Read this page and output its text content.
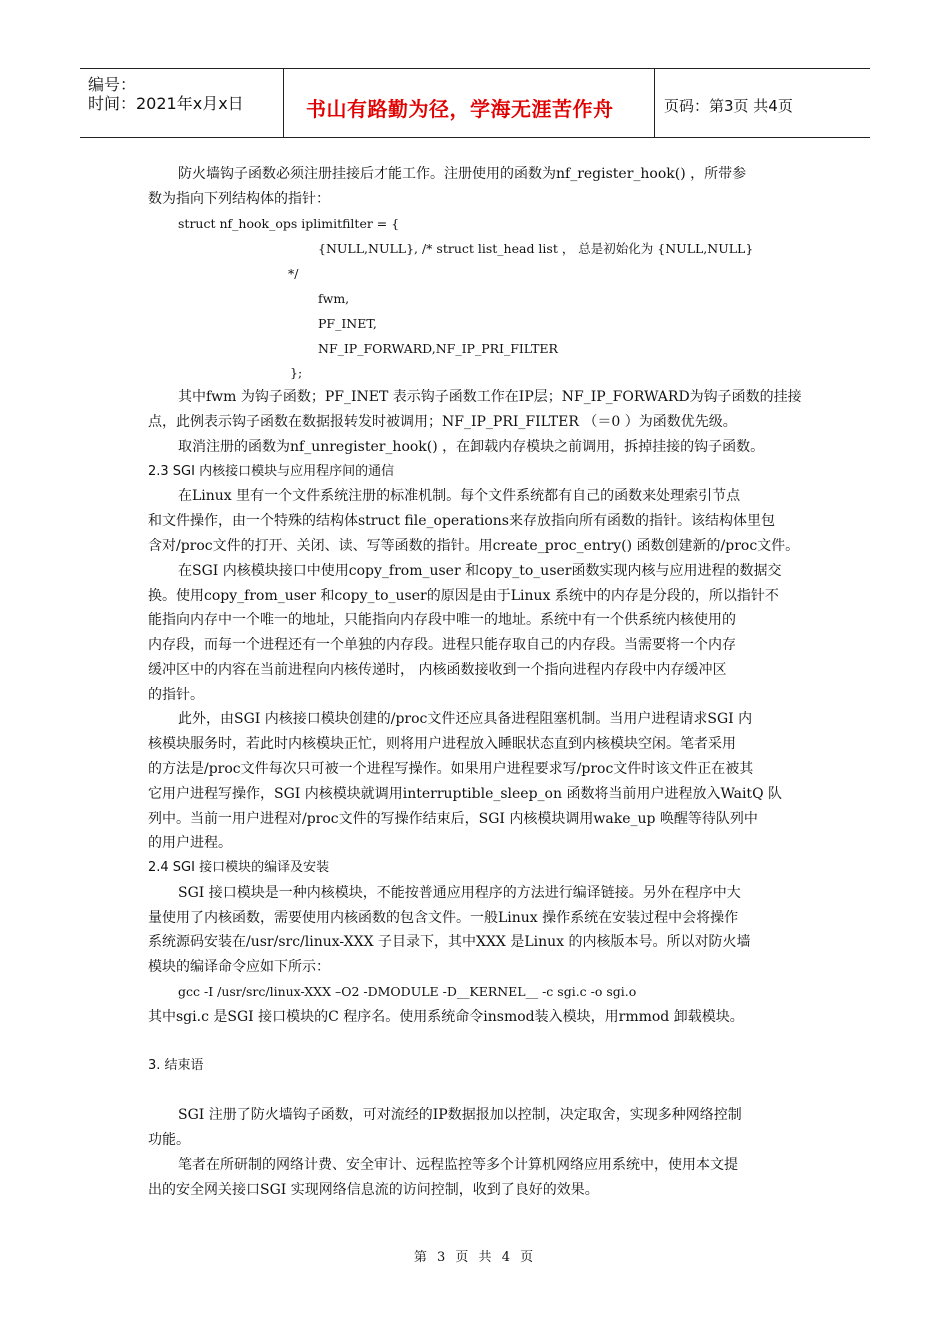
编号：
时间：2021年x月x日	书山有路勤为径，学海无涯苦作舟	页码：第3页 共4页
防火墙钩子函数必须注册挂接后才能工作。注册使用的函数为nf_register_hook() ，所带参
数为指向下列结构体的指针：
struct nf_hook_ops iplimitfilter = {
{NULL,NULL}, /* struct list_head list ， 总是初始化为 {NULL,NULL}
*/
fwm,
PF_INET,
NF_IP_FORWARD,NF_IP_PRI_FILTER
};
其中fwm 为钩子函数；PF_INET 表示钩子函数工作在IP层；NF_IP_FORWARD为钩子函数的挂接
点，此例表示钩子函数在数据报转发时被调用；NF_IP_PRI_FILTER （＝0 ）为函数优先级。
取消注册的函数为nf_unregister_hook() ，在卸载内存模块之前调用，拆掉挂接的钩子函数。
2.3 SGI 内核接口模块与应用程序间的通信
在Linux 里有一个文件系统注册的标准机制。每个文件系统都有自己的函数来处理索引节点
和文件操作，由一个特殊的结构体struct file_operations来存放指向所有函数的指针。该结构体里包
含对/proc文件的打开、关闭、读、写等函数的指针。用create_proc_entry() 函数创建新的/proc文件。
在SGI 内核模块接口中使用copy_from_user 和copy_to_user函数实现内核与应用进程的数据交
换。使用copy_from_user 和copy_to_user的原因是由于Linux 系统中的内存是分段的，所以指针不
能指向内存中一个唯一的地址，只能指向内存段中唯一的地址。系统中有一个供系统内核使用的
内存段，而每一个进程还有一个单独的内存段。进程只能存取自己的内存段。当需要将一个内存
缓冲区中的内容在当前进程向内核传递时， 内核函数接收到一个指向进程内存段中内存缓冲区
的指针。
此外，由SGI 内核接口模块创建的/proc文件还应具备进程阻塞机制。当用户进程请求SGI 内
核模块服务时，若此时内核模块正忙，则将用户进程放入睡眠状态直到内核模块空闲。笔者采用
的方法是/proc文件每次只可被一个进程写操作。如果用户进程要求写/proc文件时该文件正在被其
它用户进程写操作，SGI 内核模块就调用interruptible_sleep_on 函数将当前用户进程放入WaitQ 队
列中。当前一用户进程对/proc文件的写操作结束后，SGI 内核模块调用wake_up 唤醒等待队列中
的用户进程。
2.4 SGI 接口模块的编译及安装
SGI 接口模块是一种内核模块，不能按普通应用程序的方法进行编译链接。另外在程序中大
量使用了内核函数，需要使用内核函数的包含文件。一般Linux 操作系统在安装过程中会将操作
系统源码安装在/usr/src/linux-XXX 子目录下，其中XXX 是Linux 的内核版本号。所以对防火墙
模块的编译命令应如下所示：
gcc -I /usr/src/linux-XXX –O2 -DMODULE -D__KERNEL__ -c sgi.c -o sgi.o
其中sgi.c 是SGI 接口模块的C 程序名。使用系统命令insmod装入模块，用rmmod 卸载模块。
3. 结束语
SGI 注册了防火墙钩子函数，可对流经的IP数据报加以控制，决定取舍，实现多种网络控制
功能。
笔者在所研制的网络计费、安全审计、远程监控等多个计算机网络应用系统中，使用本文提
出的安全网关接口SGI 实现网络信息流的访问控制，收到了良好的效果。
第 3 页 共 4 页
